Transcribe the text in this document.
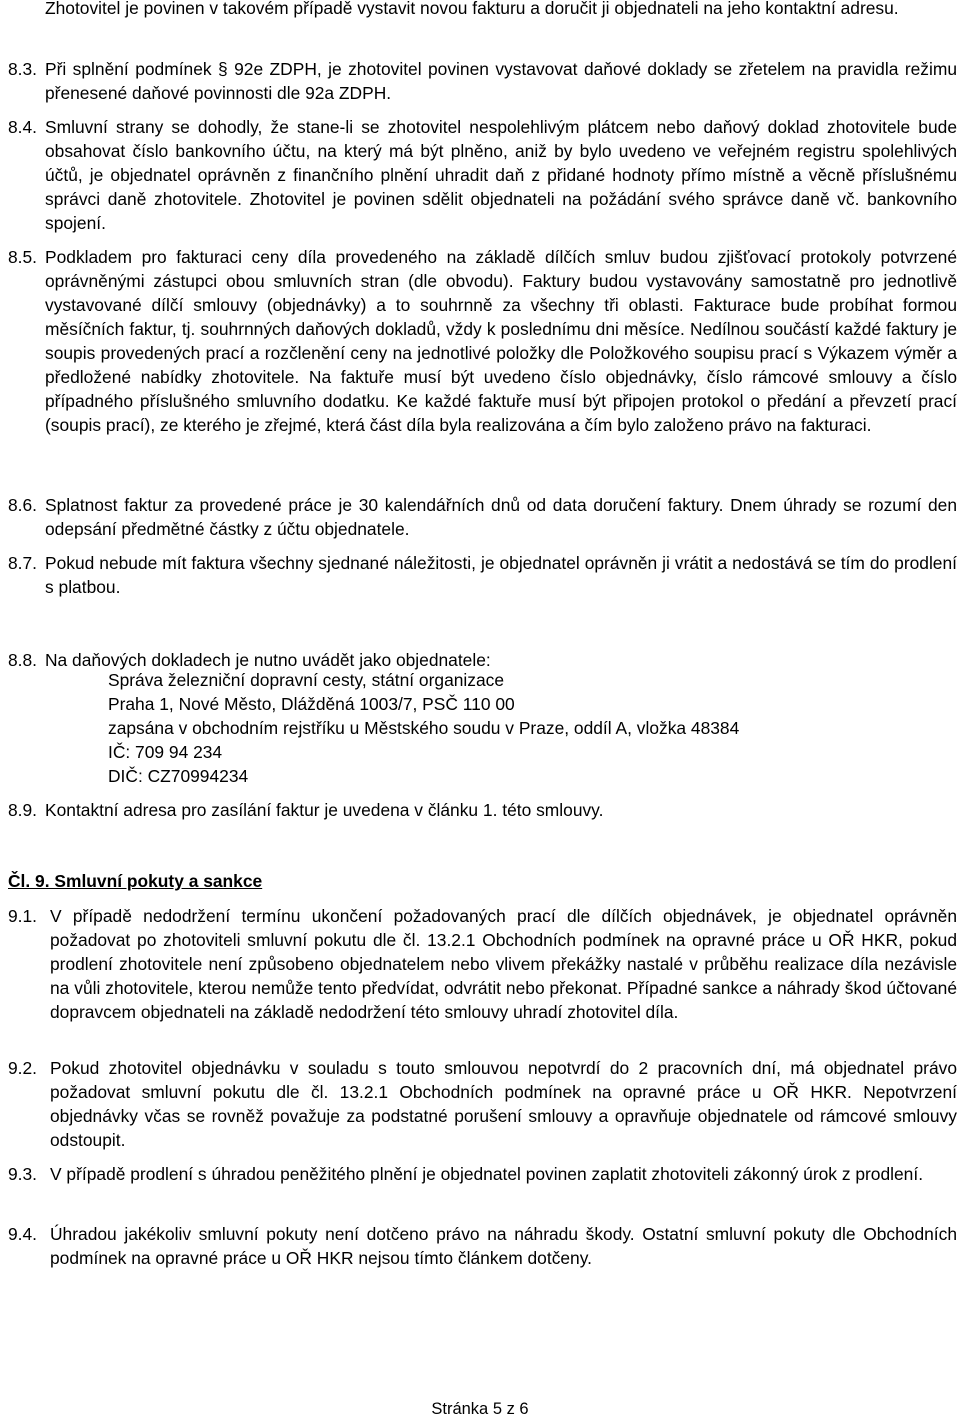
Zhotovitel je povinen v takovém případě vystavit novou fakturu a doručit ji objednateli na jeho kontaktní adresu.
8.3. Při splnění podmínek § 92e ZDPH, je zhotovitel povinen vystavovat daňové doklady se zřetelem na pravidla režimu přenesené daňové povinnosti dle 92a ZDPH.
8.4. Smluvní strany se dohodly, že stane-li se zhotovitel nespolehlivým plátcem nebo daňový doklad zhotovitele bude obsahovat číslo bankovního účtu, na který má být plněno, aniž by bylo uvedeno ve veřejném registru spolehlivých účtů, je objednatel oprávněn z finančního plnění uhradit daň z přidané hodnoty přímo místně a věcně příslušnému správci daně zhotovitele. Zhotovitel je povinen sdělit objednateli na požádání svého správce daně vč. bankovního spojení.
8.5. Podkladem pro fakturaci ceny díla provedeného na základě dílčích smluv budou zjišťovací protokoly potvrzené oprávněnými zástupci obou smluvních stran (dle obvodu). Faktury budou vystavovány samostatně pro jednotlivě vystavované dílčí smlouvy (objednávky) a to souhrnně za všechny tři oblasti. Fakturace bude probíhat formou měsíčních faktur, tj. souhrnných daňových dokladů, vždy k poslednímu dni měsíce. Nedílnou součástí každé faktury je soupis provedených prací a rozčlenění ceny na jednotlivé položky dle Položkového soupisu prací s Výkazem výměr a předložené nabídky zhotovitele. Na faktuře musí být uvedeno číslo objednávky, číslo rámcové smlouvy a číslo případného příslušného smluvního dodatku. Ke každé faktuře musí být připojen protokol o předání a převzetí prací (soupis prací), ze kterého je zřejmé, která část díla byla realizována a čím bylo založeno právo na fakturaci.
8.6. Splatnost faktur za provedené práce je 30 kalendářních dnů od data doručení faktury. Dnem úhrady se rozumí den odepsání předmětné částky z účtu objednatele.
8.7. Pokud nebude mít faktura všechny sjednané náležitosti, je objednatel oprávněn ji vrátit a nedostává se tím do prodlení s platbou.
8.8. Na daňových dokladech je nutno uvádět jako objednatele:
Správa železniční dopravní cesty, státní organizace
Praha 1, Nové Město, Dlážděná 1003/7, PSČ 110 00
zapsána v obchodním rejstříku u Městského soudu v Praze, oddíl A, vložka 48384
IČ: 709 94 234
DIČ: CZ70994234
8.9. Kontaktní adresa pro zasílání faktur je uvedena v článku 1. této smlouvy.
Čl. 9. Smluvní pokuty a sankce
9.1. V případě nedodržení termínu ukončení požadovaných prací dle dílčích objednávek, je objednatel oprávněn požadovat po zhotoviteli smluvní pokutu dle čl. 13.2.1 Obchodních podmínek na opravné práce u OŘ HKR, pokud prodlení zhotovitele není způsobeno objednatelem nebo vlivem překážky nastalé v průběhu realizace díla nezávisle na vůli zhotovitele, kterou nemůže tento předvídat, odvrátit nebo překonat. Případné sankce a náhrady škod účtované dopravcem objednateli na základě nedodržení této smlouvy uhradí zhotovitel díla.
9.2. Pokud zhotovitel objednávku v souladu s touto smlouvou nepotvrdí do 2 pracovních dní, má objednatel právo požadovat smluvní pokutu dle čl. 13.2.1 Obchodních podmínek na opravné práce u OŘ HKR. Nepotvrzení objednávky včas se rovněž považuje za podstatné porušení smlouvy a opravňuje objednatele od rámcové smlouvy odstoupit.
9.3. V případě prodlení s úhradou peněžitého plnění je objednatel povinen zaplatit zhotoviteli zákonný úrok z prodlení.
9.4. Úhradou jakékoliv smluvní pokuty není dotčeno právo na náhradu škody. Ostatní smluvní pokuty dle Obchodních podmínek na opravné práce u OŘ HKR nejsou tímto článkem dotčeny.
Stránka 5 z 6
